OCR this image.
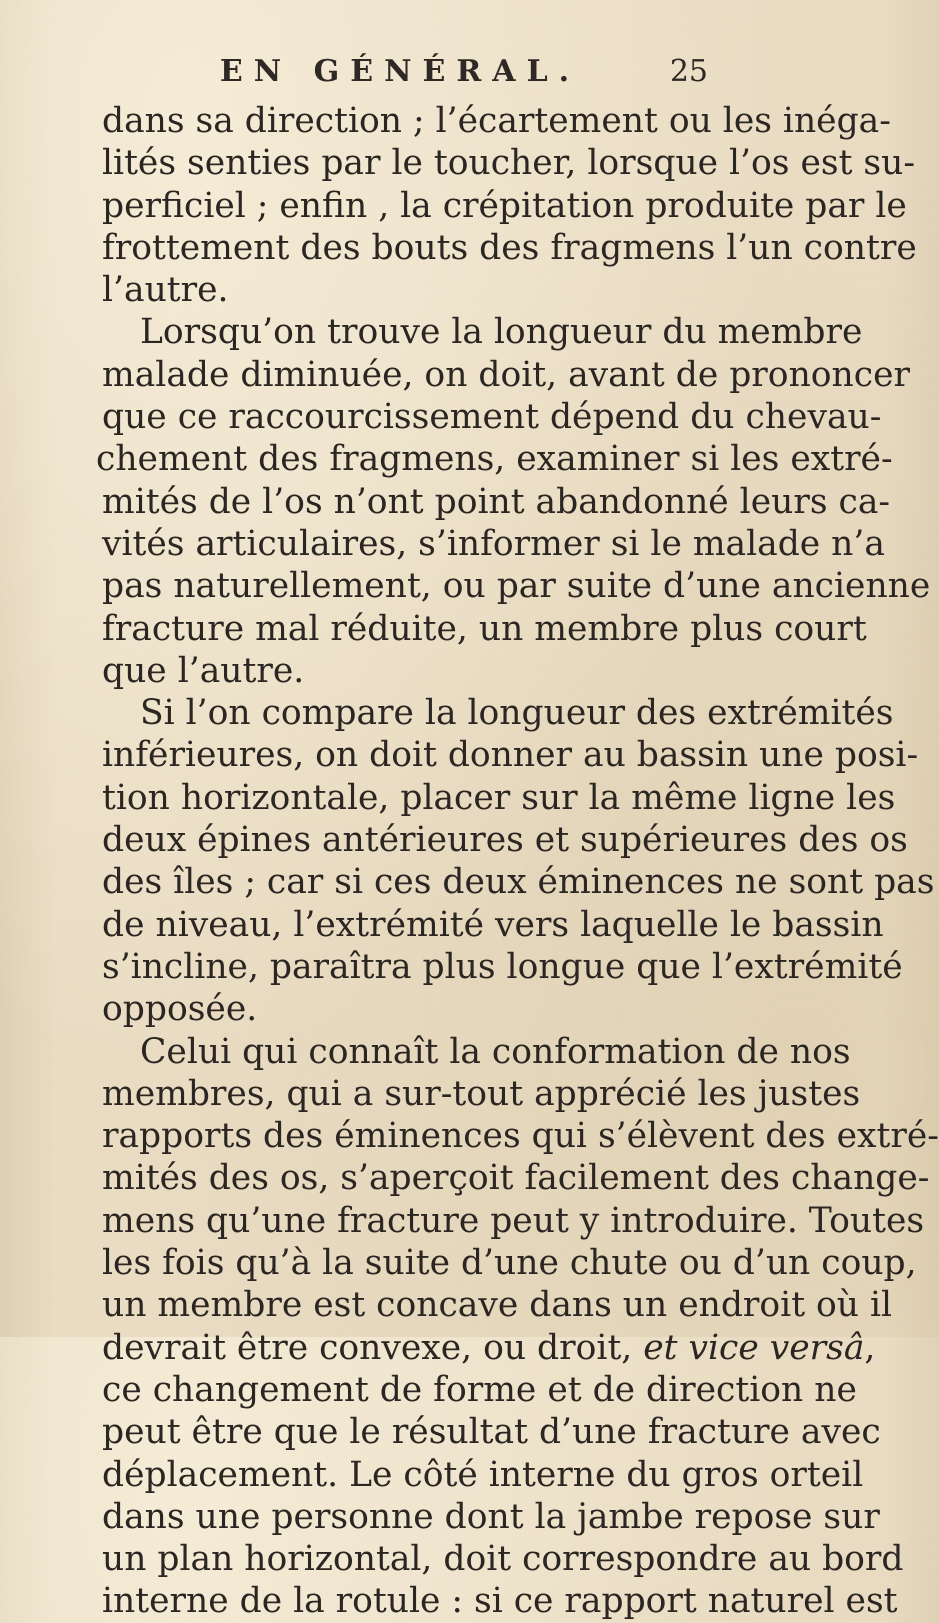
EN GÉNÉRAL.	25
dans sa direction ; l’écartement ou les inéga-
lités senties par le toucher, lorsque l’os est su-
perficiel ; enfin , la crépitation produite par le
frottement des bouts des fragmens l’un contre
l’autre.
Lorsqu’on trouve la longueur du membre
malade diminuée, on doit, avant de prononcer
que ce raccourcissement dépend du chevau-
chement des fragmens, examiner si les extré-
mités de l’os n’ont point abandonné leurs ca-
vités articulaires, s’informer si le malade n’a
pas naturellement, ou par suite d’une ancienne
fracture mal réduite, un membre plus court
que l’autre.
Si l’on compare la longueur des extrémités
inférieures, on doit donner au bassin une posi-
tion horizontale, placer sur la même ligne les
deux épines antérieures et supérieures des os
des îles ; car si ces deux éminences ne sont pas
de niveau, l’extrémité vers laquelle le bassin
s’incline, paraîtra plus longue que l’extrémité
opposée.
Celui qui connaît la conformation de nos
membres, qui a sur-tout apprécié les justes
rapports des éminences qui s’élèvent des extré-
mités des os, s’aperçoit facilement des change-
mens qu’une fracture peut y introduire. Toutes
les fois qu’à la suite d’une chute ou d’un coup,
un membre est concave dans un endroit où il
devrait être convexe, ou droit, et vice versâ,
ce changement de forme et de direction ne
peut être que le résultat d’une fracture avec
déplacement. Le côté interne du gros orteil
dans une personne dont la jambe repose sur
un plan horizontal, doit correspondre au bord
interne de la rotule : si ce rapport naturel est
